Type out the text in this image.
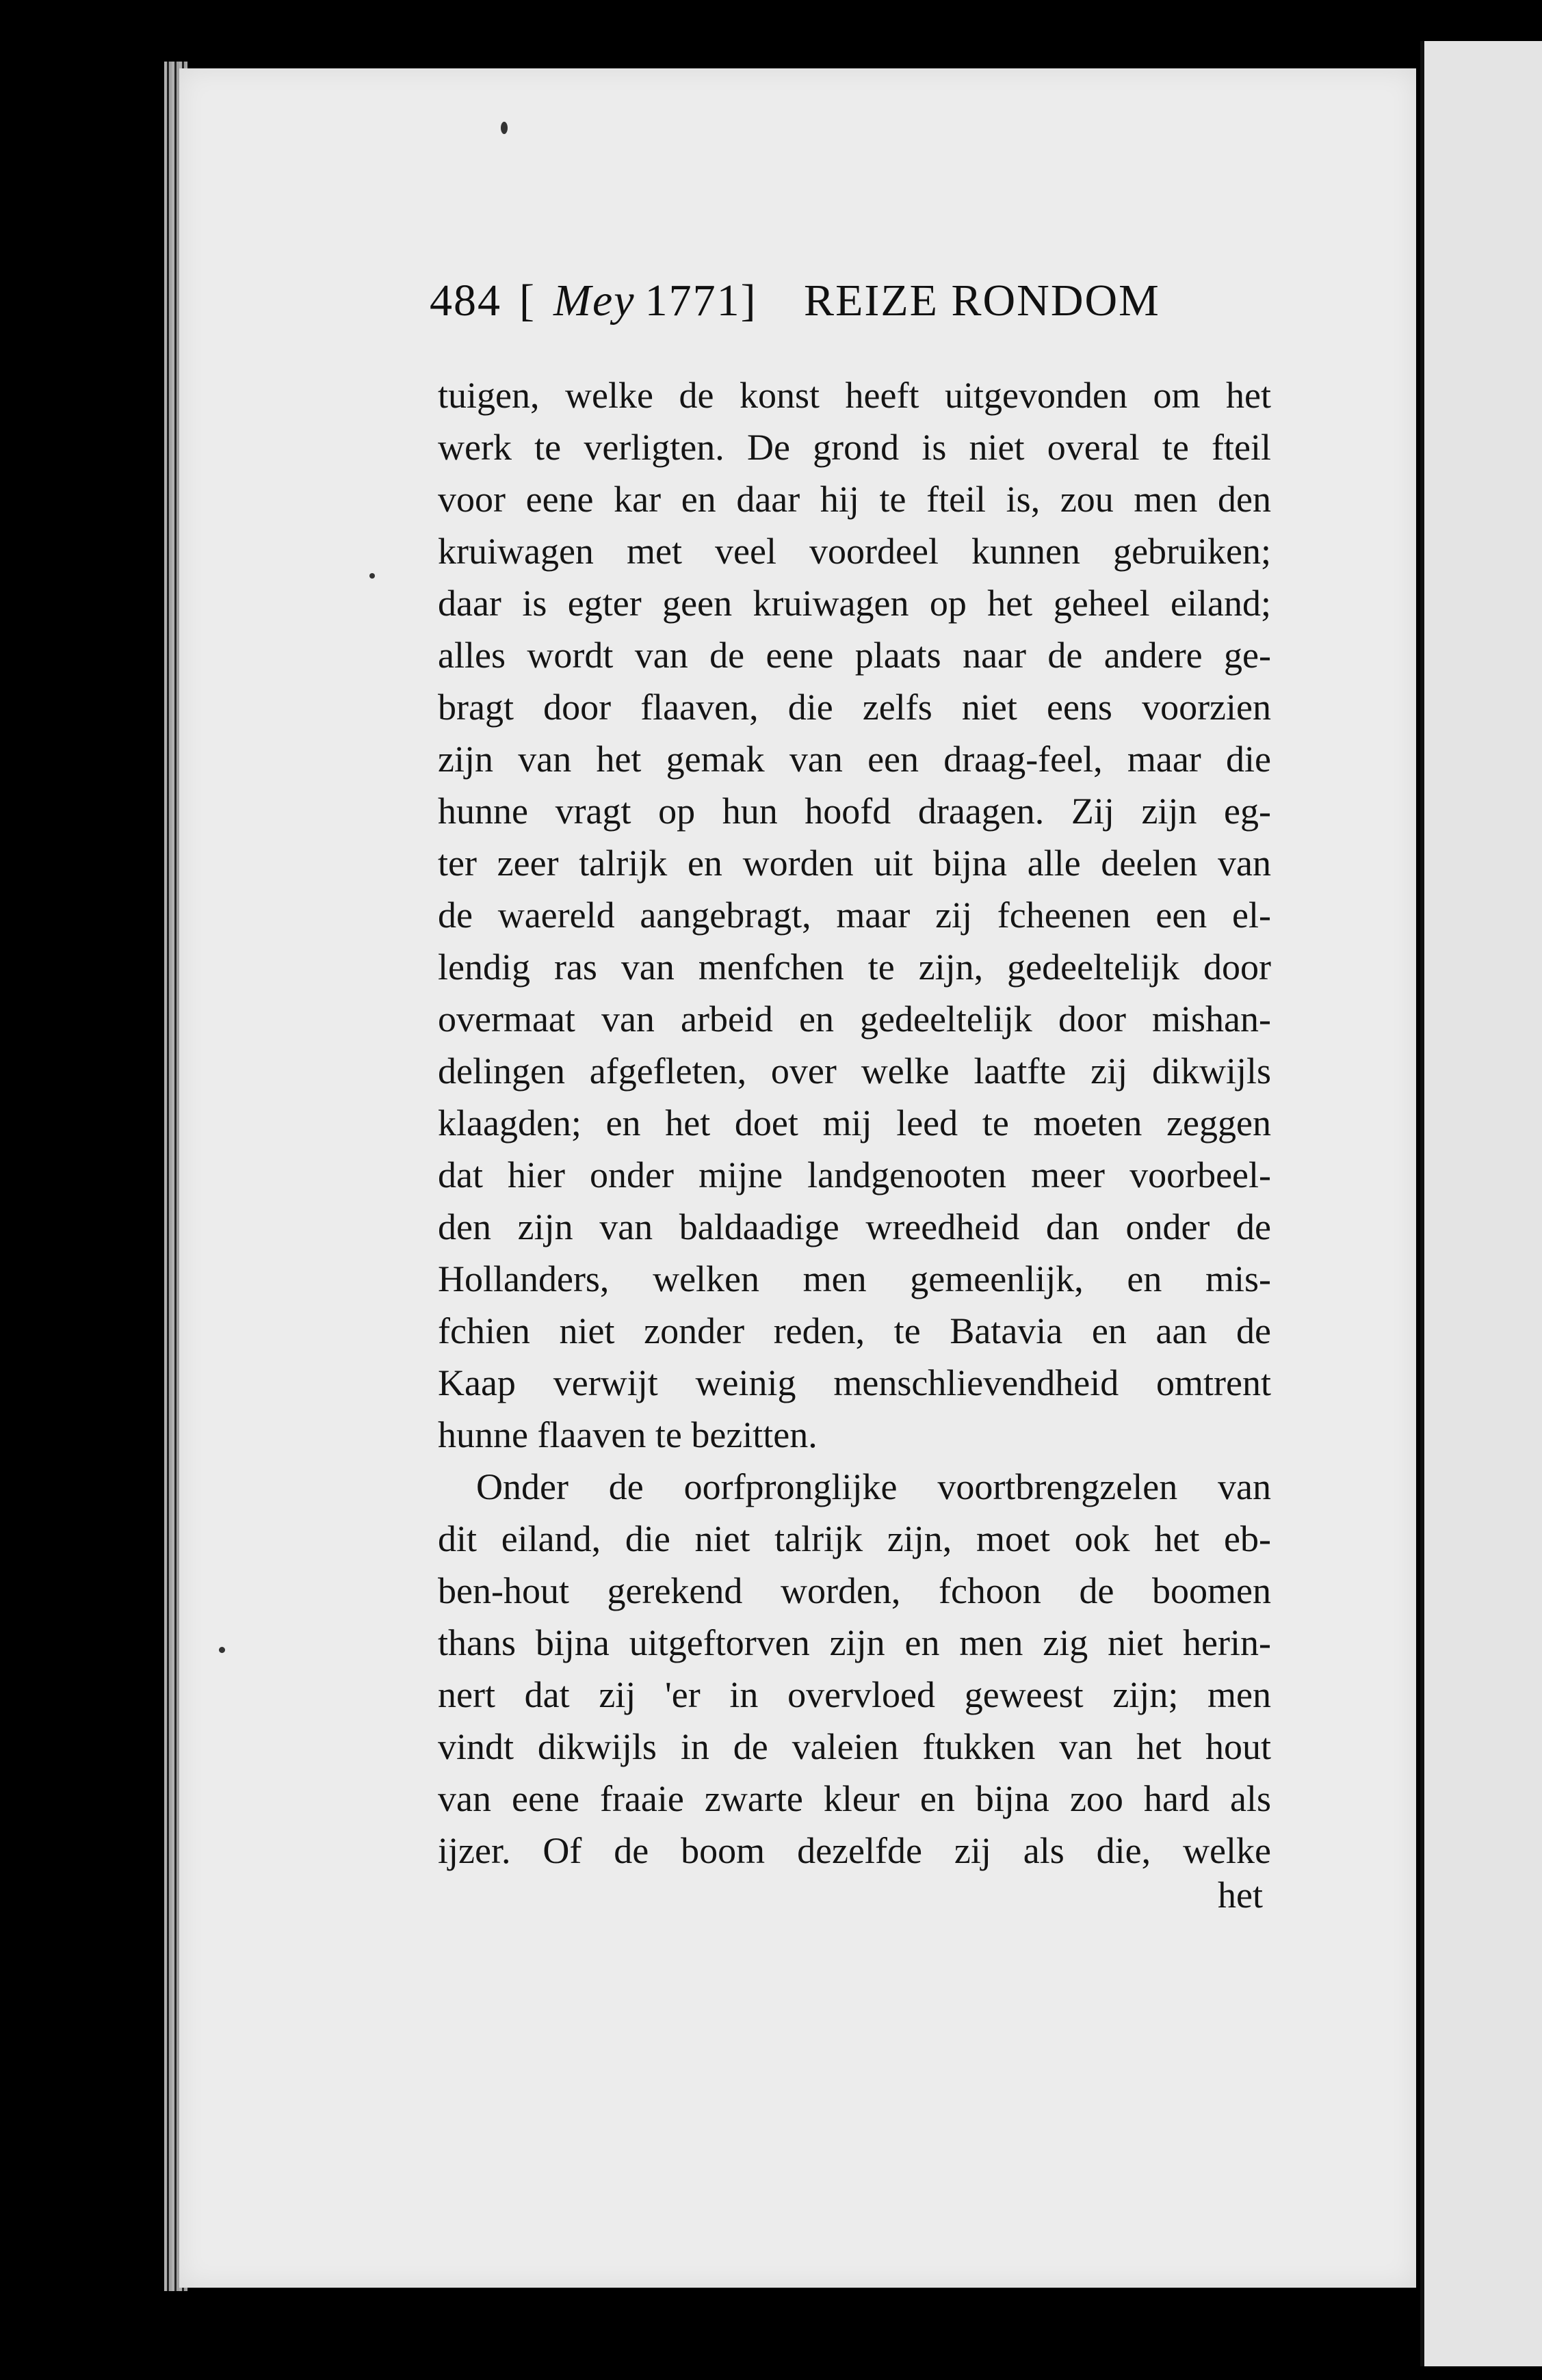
484 [ Mey 1771] REIZE RONDOM
tuigen, welke de konst heeft uitgevonden om het
werk te verligten. De grond is niet overal te fteil
voor eene kar en daar hij te fteil is, zou men den
kruiwagen met veel voordeel kunnen gebruiken;
daar is egter geen kruiwagen op het geheel eiland;
alles wordt van de eene plaats naar de andere ge-
bragt door flaaven, die zelfs niet eens voorzien
zijn van het gemak van een draag-feel, maar die
hunne vragt op hun hoofd draagen. Zij zijn eg-
ter zeer talrijk en worden uit bijna alle deelen van
de waereld aangebragt, maar zij fcheenen een el-
lendig ras van menfchen te zijn, gedeeltelijk door
overmaat van arbeid en gedeeltelijk door mishan-
delingen afgefleten, over welke laatfte zij dikwijls
klaagden; en het doet mij leed te moeten zeggen
dat hier onder mijne landgenooten meer voorbeel-
den zijn van baldaadige wreedheid dan onder de
Hollanders, welken men gemeenlijk, en mis-
fchien niet zonder reden, te Batavia en aan de
Kaap verwijt weinig menschlievendheid omtrent
hunne flaaven te bezitten.
Onder de oorfpronglijke voortbrengzelen van
dit eiland, die niet talrijk zijn, moet ook het eb-
ben-hout gerekend worden, fchoon de boomen
thans bijna uitgeftorven zijn en men zig niet herin-
nert dat zij 'er in overvloed geweest zijn; men
vindt dikwijls in de valeien ftukken van het hout
van eene fraaie zwarte kleur en bijna zoo hard als
ijzer. Of de boom dezelfde zij als die, welke
het
